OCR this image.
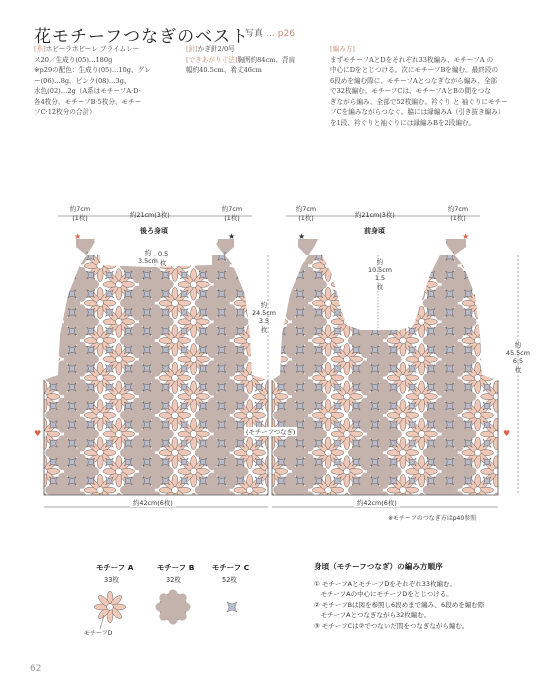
花モチーフつなぎのベスト
写真 … p26

[糸]ホビーラホビーレ ブライムレー

ス20／生成り(05)…180g

※p29の配色：生成り(05)…10g、グレ

ー(06)…8g、ピンク(08)…3g、

水色(02)…2g（A系はモチーフA·D·

各4枚分、モチーフB·5枚分、モチー

フC·12枚分の合計）

[針]かぎ針2/0号

[できあがり寸法]胸囲約84cm、背肩

幅約40.5cm、着丈46cm

[編み方]

まずモチーフAとDをそれぞれ33枚編み、モチーフA の

中心にDをとじつける。次にモチーフBを編む。最終段の

6段めを編む際に、モチーフAとつなぎながら編み、全部

で32枚編む。モチーフCは、モチーフAとBの間をつな

ぎながら編み、全部で52枚編む。衿ぐり と 袖ぐりにモチー

フCを編みながらつなぐ。脇には縁編みA（引き抜き編み）

を1段、衿ぐりと袖ぐりには縁編みBを2段編む。

★	★	★	★
♥	♥
約7cm
(1枚)	約21cm(3枚)
約7cm
(1枚)
約7cm
(1枚)	約21cm(3枚)
約7cm
(1枚)
後ろ身頃	前身頃
約
3.5cm
0.5
枚	約
10.5cm
1.5
枚
約
24.5cm
3.5
枚
約
45.5cm
6.5
枚
(モチーフつなぎ)
約42cm(6枚)	約42cm(6枚)
※モチーフのつなぎ方はp40参照
モチーフ A
33枚
モチーフ B
32枚
モチーフ C
52枚
モチーフD
身頃（モチーフつなぎ）の編み方順序

① モチーフAとモチーフDをそれぞれ33枚編む。

　モチーフAの中心にモチーフDをとじつける。

② モチーフBは図を参照し6段めまで編み、6段めを編む際

　モチーフAとつなぎながら32枚編む。

③ モチーフCは②でつないだ間をつなぎながら編む。

62
